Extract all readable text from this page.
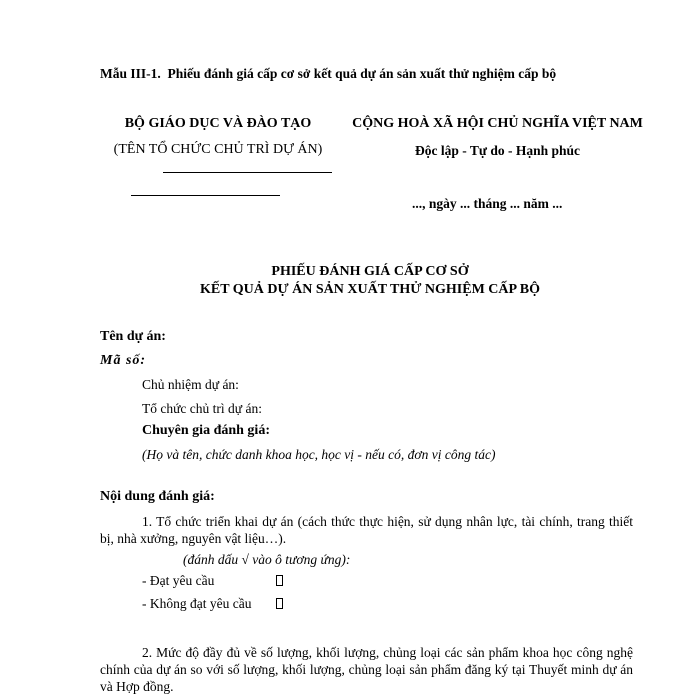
Mẫu III-1. Phiếu đánh giá cấp cơ sở kết quả dự án sản xuất thử nghiệm cấp bộ
BỘ GIÁO DỤC VÀ ĐÀO TẠO
(TÊN TỔ CHỨC CHỦ TRÌ DỰ ÁN)
CỘNG HOÀ XÃ HỘI CHỦ NGHĨA VIỆT NAM
Độc lập - Tự do - Hạnh phúc
..., ngày ... tháng ... năm ...
PHIẾU ĐÁNH GIÁ CẤP CƠ SỞ
KẾT QUẢ DỰ ÁN SẢN XUẤT THỬ NGHIỆM CẤP BỘ
Tên dự án:
Mã số:
Chủ nhiệm dự án:
Tổ chức chủ trì dự án:
Chuyên gia đánh giá:
(Họ và tên, chức danh khoa học, học vị - nếu có, đơn vị công tác)
Nội dung đánh giá:
1. Tổ chức triển khai dự án (cách thức thực hiện, sử dụng nhân lực, tài chính, trang thiết bị, nhà xưởng, nguyên vật liệu…).
(đánh dấu √ vào ô tương ứng):
- Đạt yêu cầu
- Không đạt yêu cầu
2. Mức độ đầy đủ về số lượng, khối lượng, chủng loại các sản phẩm khoa học công nghệ chính của dự án so với số lượng, khối lượng, chủng loại sản phẩm đăng ký tại Thuyết minh dự án và Hợp đồng.
